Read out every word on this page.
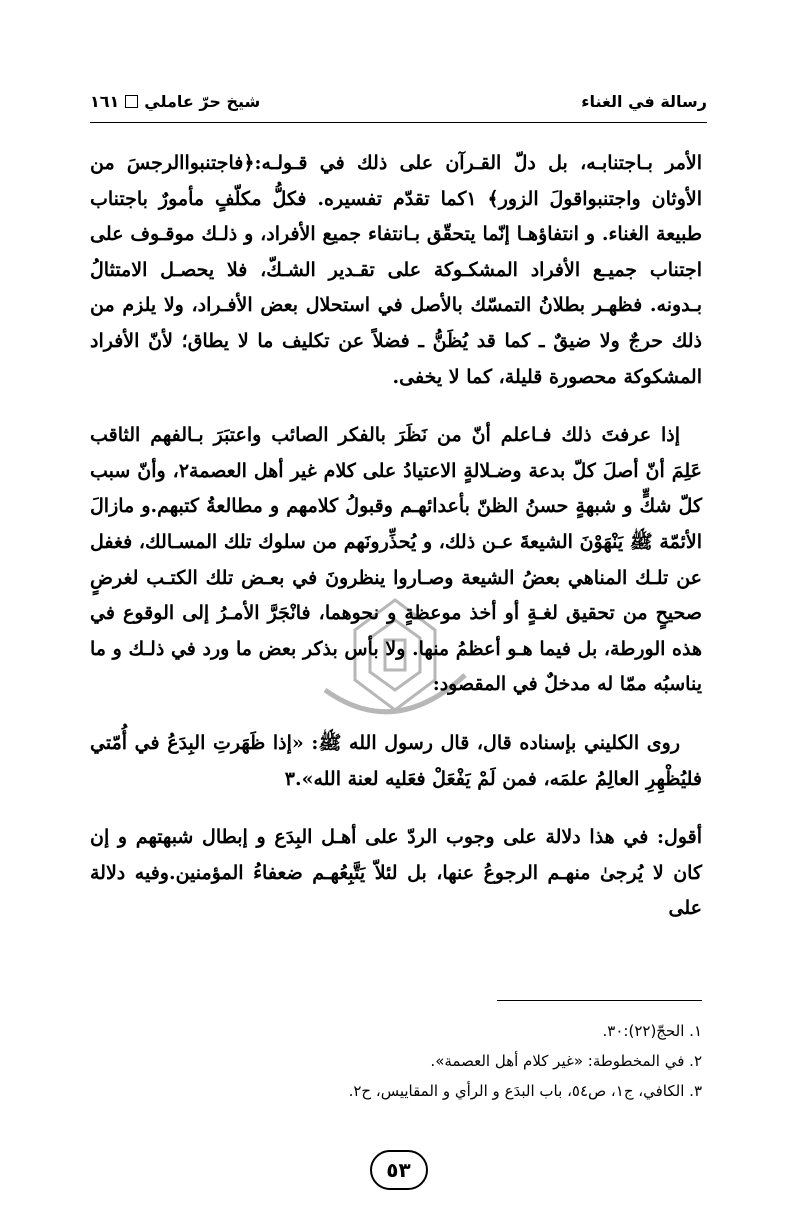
رسالة في الغناء
شيخ حرّ عاملي١٦١

الأمر بـاجتنابـه، بل دلّ القـرآن على ذلك في قـولـه:﴿فاجتنبواالرجسَ من الأوثان واجتنبواقولَ الزور﴾ ١كما تقدّم تفسيره. فكلُّ مكلّفٍ مأمورٌ باجتناب طبيعة الغناء. و انتفاؤهـا إنّما يتحقّق بـانتفاء جميع الأفراد، و ذلـك موقـوف على اجتناب جميـع الأفراد المشكـوكة على تقـدير الشـكّ، فلا يحصـل الامتثالُ بـدونه. فظهـر بطلانُ التمسّك بالأصل في استحلال بعض الأفـراد، ولا يلزم من ذلك حرجٌ ولا ضيقٌ ـ كما قد يُظَنُّ ـ فضلاً عن تكليف ما لا يطاق؛ لأنّ الأفراد المشكوكة محصورة قليلة، كما لا يخفى.

إذا عرفتَ ذلك فـاعلم أنّ من نَظَرَ بالفكر الصائب واعتبَرَ بـالفهم الثاقب عَلِمَ أنّ أصلَ كلّ بدعة وضـلالةٍ الاعتيادُ على كلام غير أهل العصمة٢، وأنّ سبب كلّ شكٍّ و شبهةٍ حسنُ الظنّ بأعدائهـم وقبولُ كلامهم و مطالعةُ كتبهم.و مازالَ الأئمّة ﷺ يَنْهَوْنَ الشيعةَ عـن ذلك، و يُحذِّرونَهم من سلوك تلك المسـالك، فغفل عن تلـك المناهي بعضُ الشيعة وصـاروا ينظرونَ في بعـض تلك الكتـب لغرضٍ صحيحٍ من تحقيق لغـةٍ أو أخذ موعظةٍ و نحوهما، فانْجَرَّ الأمـرُ إلى الوقوع في هذه الورطة، بل فيما هـو أعظمُ منها. ولا بأس بذكر بعض ما ورد في ذلـك و ما يناسبُه ممّا له مدخلٌ في المقصود:

روى الكليني بإسناده قال، قال رسول الله ﷺ: «إذا ظَهَرتِ البِدَعُ في أُمّتي فليُظْهِرِ العالِمُ علمَه، فمن لَمْ يَفْعَلْ فعَليه لعنة الله».٣

أقول: في هذا دلالة على وجوب الردّ على أهـل البِدَع و إبطال شبهتهم و إن كان لا يُرجىٰ منهـم الرجوعُ عنها، بل لئلاّ يَتَّبِعُهـم ضعفاءُ المؤمنين.وفيه دلالة على

١. الحجّ(٢٢):٣٠.

٢. في المخطوطة: «غير كلام أهل العصمة».

٣. الكافي، ج١، ص٥٤، باب البدَع و الرأي و المقاييس، ح٢.

٥٣
